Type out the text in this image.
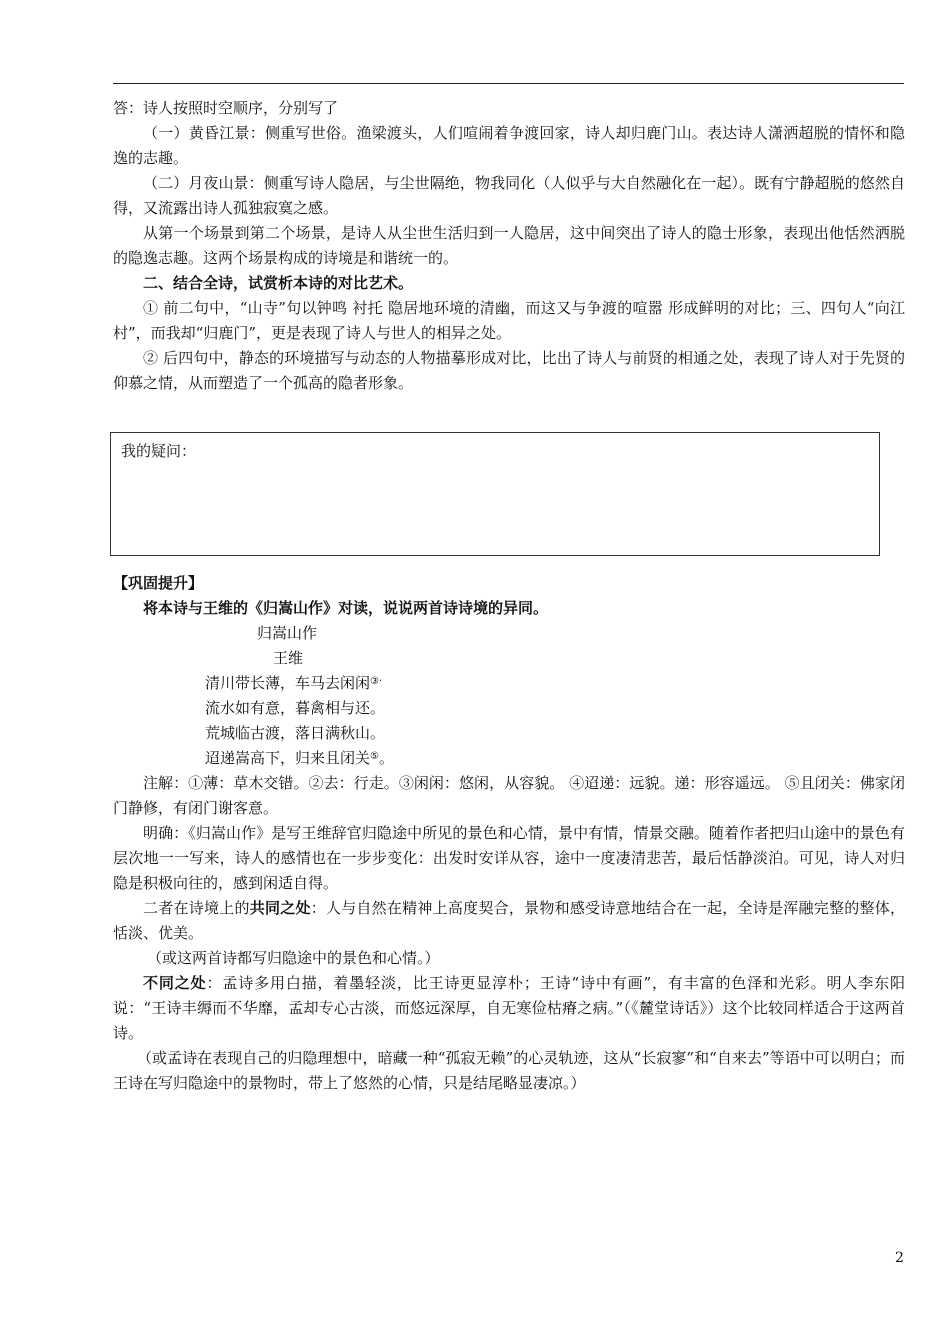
答：诗人按照时空顺序，分别写了

（一）黄昏江景：侧重写世俗。渔梁渡头，人们喧闹着争渡回家，诗人却归鹿门山。表达诗人潇洒超脱的情怀和隐逸的志趣。

（二）月夜山景：侧重写诗人隐居，与尘世隔绝，物我同化（人似乎与大自然融化在一起）。既有宁静超脱的悠然自得，又流露出诗人孤独寂寞之感。

从第一个场景到第二个场景，是诗人从尘世生活归到一人隐居，这中间突出了诗人的隐士形象，表现出他恬然洒脱的隐逸志趣。这两个场景构成的诗境是和谐统一的。

二、结合全诗，试赏析本诗的对比艺术。

① 前二句中，“山寺”句以钟鸣 衬托 隐居地环境的清幽，而这又与争渡的喧嚣 形成鲜明的对比；三、四句人“向江村”，而我却“归鹿门”，更是表现了诗人与世人的相异之处。

② 后四句中，静态的环境描写与动态的人物描摹形成对比，比出了诗人与前贤的相通之处，表现了诗人对于先贤的仰慕之情，从而塑造了一个孤高的隐者形象。

我的疑问：

【巩固提升】

将本诗与王维的《归嵩山作》对读，说说两首诗诗境的异同。

归嵩山作
王维
清川带长薄，车马去闲闲③·
流水如有意，暮禽相与还。
荒城临古渡，落日满秋山。
迢递嵩高下，归来且闭关⑤。

注解：①薄：草木交错。②去：行走。③闲闲：悠闲，从容貌。 ④迢递：远貌。递：形容遥远。 ⑤且闭关：佛家闭门静修，有闭门谢客意。

明确：《归嵩山作》是写王维辞官归隐途中所见的景色和心情，景中有情，情景交融。随着作者把归山途中的景色有层次地一一写来，诗人的感情也在一步步变化：出发时安详从容，途中一度凄清悲苦，最后恬静淡泊。可见，诗人对归隐是积极向往的，感到闲适自得。

二者在诗境上的共同之处：人与自然在精神上高度契合，景物和感受诗意地结合在一起，全诗是浑融完整的整体，恬淡、优美。

（或这两首诗都写归隐途中的景色和心情。）

不同之处：孟诗多用白描，着墨轻淡，比王诗更显淳朴；王诗“诗中有画”，有丰富的色泽和光彩。明人李东阳说：“王诗丰缛而不华靡，孟却专心古淡，而悠远深厚，自无寒俭枯瘠之病。”（《麓堂诗话》）这个比较同样适合于这两首诗。

（或孟诗在表现自己的归隐理想中，暗藏一种“孤寂无赖”的心灵轨迹，这从“长寂寥”和“自来去”等语中可以明白；而王诗在写归隐途中的景物时，带上了悠然的心情，只是结尾略显凄凉。）

2
